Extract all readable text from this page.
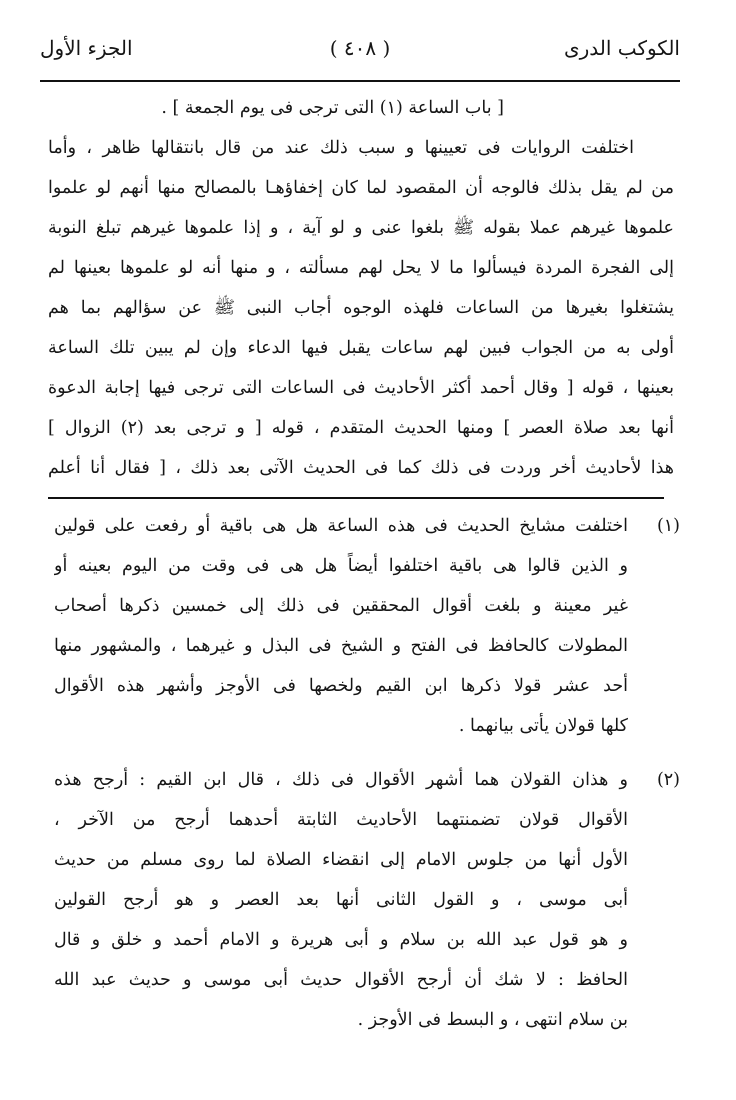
الكوكب الدرى
( ٤٠٨ )
الجزء الأول
[ باب الساعة (١) التى ترجى فى يوم الجمعة ] .
اختلفت الروايات فى تعيينها و سبب ذلك عند من قال بانتقالها ظاهر ، وأما
من لم يقل بذلك فالوجه أن المقصود لما كان إخفاؤهـا بالمصالح منها أنهم لو علموا
علموها غيرهم عملا بقوله ﷺ بلغوا عنى و لو آية ، و إذا علموها غيرهم تبلغ النوبة
إلى الفجرة المردة فيسألوا ما لا يحل لهم مسألته ، و منها أنه لو علموها بعينها لم
يشتغلوا بغيرها من الساعات فلهذه الوجوه أجاب النبى ﷺ عن سؤالهم بما هم
أولى به من الجواب فبين لهم ساعات يقبل فيها الدعاء وإن لم يبين تلك الساعة
بعينها ، قوله [ وقال أحمد أكثر الأحاديث فى الساعات التى ترجى فيها إجابة الدعوة
أنها بعد صلاة العصر ] ومنها الحديث المتقدم ، قوله [ و ترجى بعد (٢) الزوال ]
هذا لأحاديث أخر وردت فى ذلك كما فى الحديث الآتى بعد ذلك ، [ فقال أنا أعلم
(١)
اختلفت مشايخ الحديث فى هذه الساعة هل هى باقية أو رفعت على قولين
و الذين قالوا هى باقية اختلفوا أيضاً هل هى فى وقت من اليوم بعينه أو
غير معينة و بلغت أقوال المحققين فى ذلك إلى خمسين ذكرها أصحاب
المطولات كالحافظ فى الفتح و الشيخ فى البذل و غيرهما ، والمشهور منها
أحد عشر قولا ذكرها ابن القيم ولخصها فى الأوجز وأشهر هذه الأقوال
كلها قولان يأتى بيانهما .
(٢)
و هذان القولان هما أشهر الأقوال فى ذلك ، قال ابن القيم : أرجح هذه
الأقوال قولان تضمنتهما الأحاديث الثابتة أحدهما أرجح من الآخر ،
الأول أنها من جلوس الامام إلى انقضاء الصلاة لما روى مسلم من حديث
أبى موسى ، و القول الثانى أنها بعد العصر و هو أرجح القولين
و هو قول عبد الله بن سلام و أبى هريرة و الامام أحمد و خلق و قال
الحافظ : لا شك أن أرجح الأقوال حديث أبى موسى و حديث عبد الله
بن سلام انتهى ، و البسط فى الأوجز .
